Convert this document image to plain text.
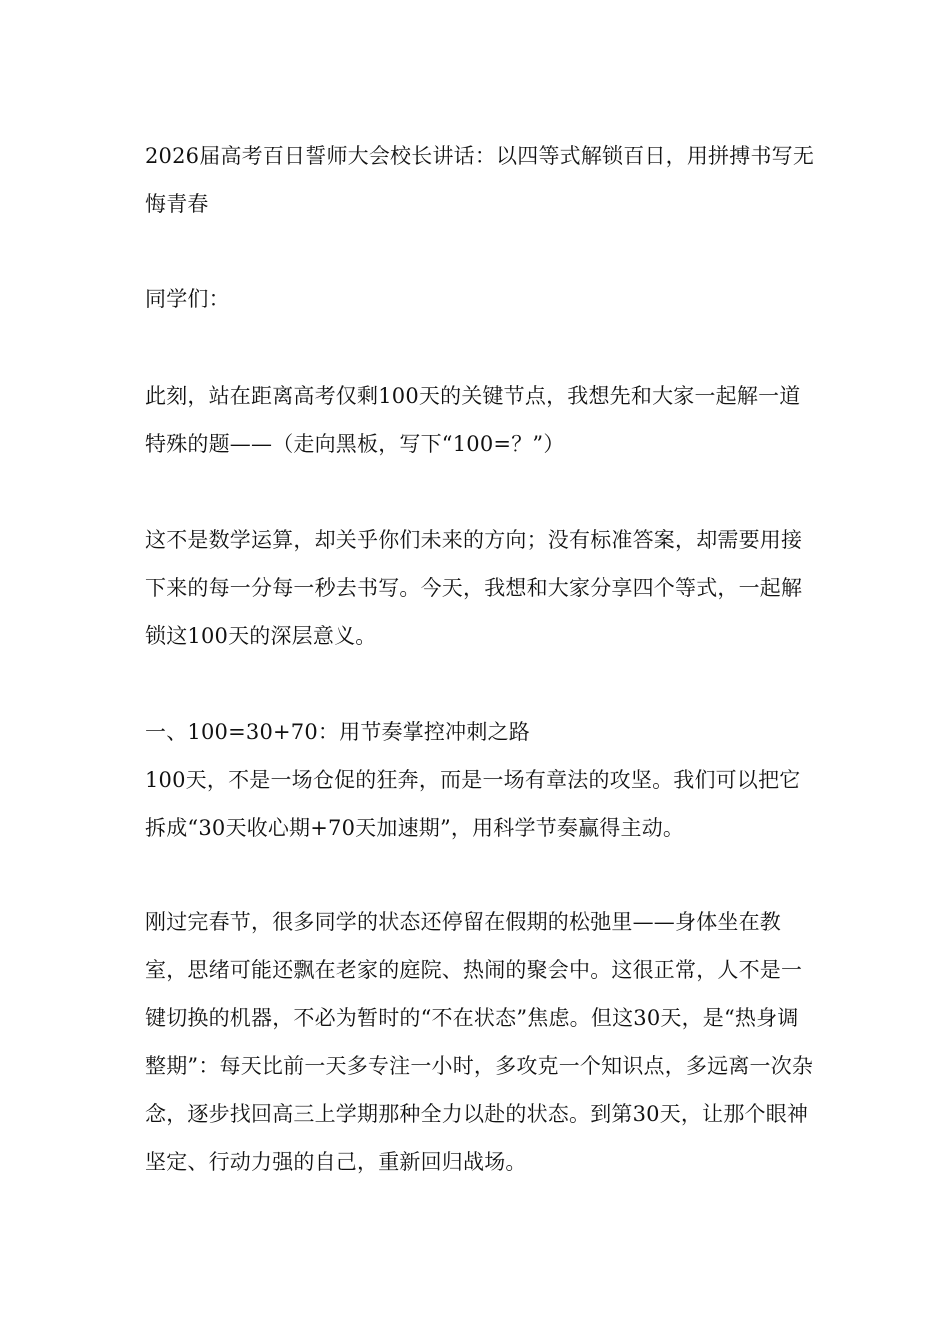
2026届高考百日誓师大会校长讲话：以四等式解锁百日，用拼搏书写无悔青春

同学们：

此刻，站在距离高考仅剩100天的关键节点，我想先和大家一起解一道特殊的题——（走向黑板，写下“100=？”）

这不是数学运算，却关乎你们未来的方向；没有标准答案，却需要用接下来的每一分每一秒去书写。今天，我想和大家分享四个等式，一起解锁这100天的深层意义。

一、100=30+70：用节奏掌控冲刺之路

100天，不是一场仓促的狂奔，而是一场有章法的攻坚。我们可以把它拆成“30天收心期+70天加速期”，用科学节奏赢得主动。

刚过完春节，很多同学的状态还停留在假期的松弛里——身体坐在教室，思绪可能还飘在老家的庭院、热闹的聚会中。这很正常，人不是一键切换的机器，不必为暂时的“不在状态”焦虑。但这30天，是“热身调整期”：每天比前一天多专注一小时，多攻克一个知识点，多远离一次杂念，逐步找回高三上学期那种全力以赴的状态。到第30天，让那个眼神坚定、行动力强的自己，重新回归战场。
